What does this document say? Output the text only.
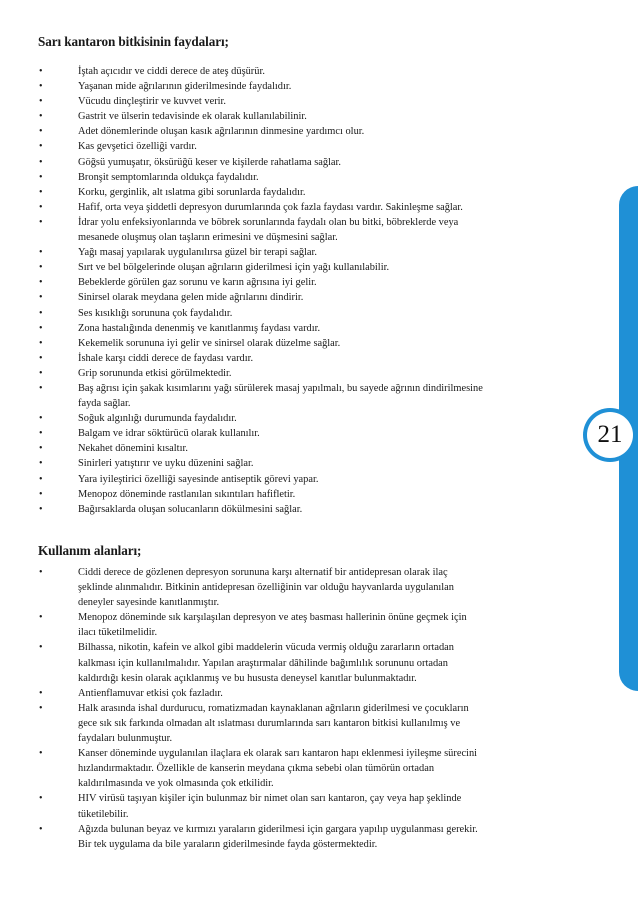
Sarı kantaron bitkisinin faydaları;
•	İştah açıcıdır ve ciddi derece de ateş düşürür.
•	Yaşanan mide ağrılarının giderilmesinde faydalıdır.
•	Vücudu dinçleştirir ve kuvvet verir.
•	Gastrit ve ülserin tedavisinde ek olarak kullanılabilinir.
•	Adet dönemlerinde oluşan kasık ağrılarının dinmesine yardımcı olur.
•	Kas gevşetici özelliği vardır.
•	Göğsü yumuşatır, öksürüğü keser ve kişilerde rahatlama sağlar.
•	Bronşit semptomlarında oldukça faydalıdır.
•	Korku, gerginlik, alt ıslatma gibi sorunlarda faydalıdır.
•	Hafif, orta veya şiddetli depresyon durumlarında çok fazla faydası vardır. Sakinleşme sağlar.
•	İdrar yolu enfeksiyonlarında ve böbrek sorunlarında faydalı olan bu bitki, böbreklerde veya
mesanede oluşmuş olan taşların erimesini ve düşmesini sağlar.
•	Yağı masaj yapılarak uygulanılırsa güzel bir terapi sağlar.
•	Sırt ve bel bölgelerinde oluşan ağrıların giderilmesi için yağı kullanılabilir.
•	Bebeklerde görülen gaz sorunu ve karın ağrısına iyi gelir.
•	Sinirsel olarak meydana gelen mide ağrılarını dindirir.
•	Ses kısıklığı sorununa çok faydalıdır.
•	Zona hastalığında denenmiş ve kanıtlanmış faydası vardır.
•	Kekemelik sorununa iyi gelir ve sinirsel olarak düzelme sağlar.
•	İshale karşı ciddi derece de faydası vardır.
•	Grip sorununda etkisi görülmektedir.
•	Baş ağrısı için şakak kısımlarını yağı sürülerek masaj yapılmalı, bu sayede ağrının dindirilmesine
fayda sağlar.
•	Soğuk algınlığı durumunda faydalıdır.
•	Balgam ve idrar söktürücü olarak kullanılır.
•	Nekahet dönemini kısaltır.
•	Sinirleri yatıştırır ve uyku düzenini sağlar.
•	Yara iyileştirici özelliği sayesinde antiseptik görevi yapar.
•	Menopoz döneminde rastlanılan sıkıntıları hafifletir.
•	Bağırsaklarda oluşan solucanların dökülmesini sağlar.
Kullanım alanları;
•	Ciddi derece de gözlenen depresyon sorununa karşı alternatif bir antidepresan olarak ilaç
şeklinde alınmalıdır. Bitkinin antidepresan özelliğinin var olduğu hayvanlarda uygulanılan
deneyler sayesinde kanıtlanmıştır.
•	Menopoz döneminde sık karşılaşılan depresyon ve ateş basması hallerinin önüne geçmek için
ilacı tüketilmelidir.
•	Bilhassa, nikotin, kafein ve alkol gibi maddelerin vücuda vermiş olduğu zararların ortadan
kalkması için kullanılmalıdır. Yapılan araştırmalar dâhilinde bağımlılık sorununu ortadan
kaldırdığı kesin olarak açıklanmış ve bu hususta deneysel kanıtlar bulunmaktadır.
•	Antienflamuvar etkisi çok fazladır.
•	Halk arasında ishal durdurucu, romatizmadan kaynaklanan ağrıların giderilmesi ve çocukların
gece sık sık farkında olmadan alt ıslatması durumlarında sarı kantaron bitkisi kullanılmış ve
faydaları bulunmuştur.
•	Kanser döneminde uygulanılan ilaçlara ek olarak sarı kantaron hapı eklenmesi iyileşme sürecini
hızlandırmaktadır. Özellikle de kanserin meydana çıkma sebebi olan tümörün ortadan
kaldırılmasında ve yok olmasında çok etkilidir.
•	HIV virüsü taşıyan kişiler için bulunmaz bir nimet olan sarı kantaron, çay veya hap şeklinde
tüketilebilir.
•	Ağızda bulunan beyaz ve kırmızı yaraların giderilmesi için gargara yapılıp uygulanması gerekir.
Bir tek uygulama da bile yaraların giderilmesinde fayda göstermektedir.
21
